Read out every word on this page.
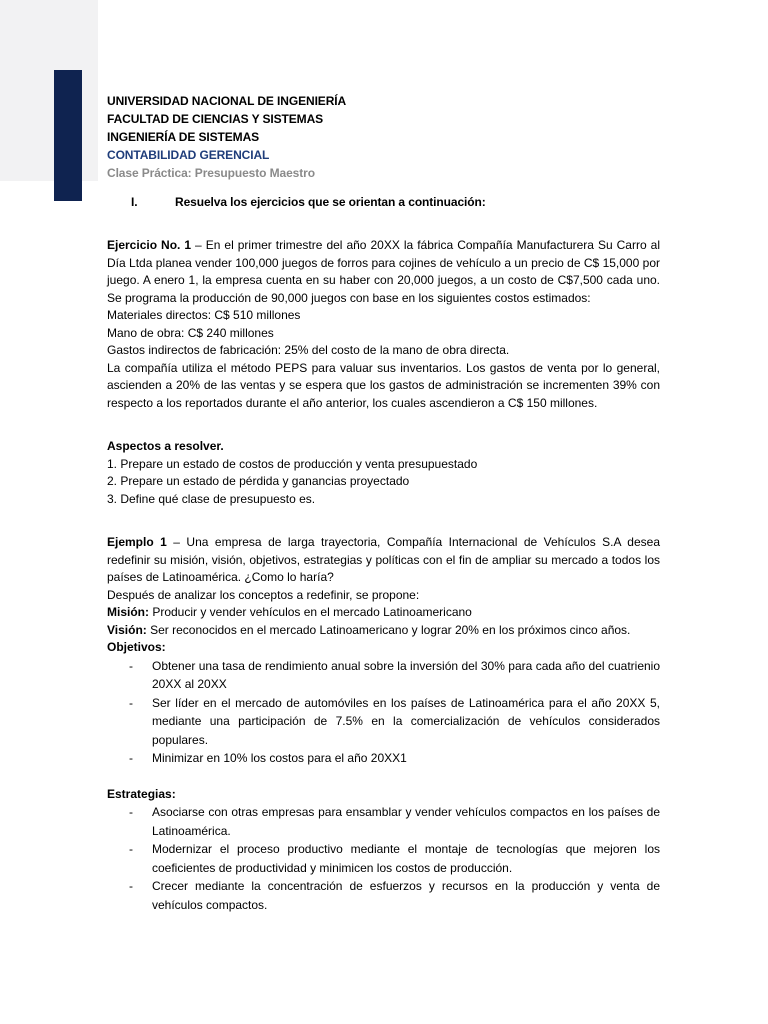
UNIVERSIDAD NACIONAL DE INGENIERÍA
FACULTAD DE CIENCIAS Y SISTEMAS
INGENIERÍA DE SISTEMAS
CONTABILIDAD GERENCIAL
Clase Práctica: Presupuesto Maestro
I.	Resuelva los ejercicios que se orientan a continuación:

Ejercicio No. 1 – En el primer trimestre del año 20XX la fábrica Compañía Manufacturera Su Carro al Día Ltda planea vender 100,000 juegos de forros para cojines de vehículo a un precio de C$ 15,000 por juego. A enero 1, la empresa cuenta en su haber con 20,000 juegos, a un costo de C$7,500 cada uno. Se programa la producción de 90,000 juegos con base en los siguientes costos estimados:

Materiales directos: C$ 510 millones
Mano de obra: C$ 240 millones
Gastos indirectos de fabricación: 25% del costo de la mano de obra directa.

La compañía utiliza el método PEPS para valuar sus inventarios. Los gastos de venta por lo general, ascienden a 20% de las ventas y se espera que los gastos de administración se incrementen 39% con respecto a los reportados durante el año anterior, los cuales ascendieron a C$ 150 millones.

Aspectos a resolver.
1. Prepare un estado de costos de producción y venta presupuestado
2. Prepare un estado de pérdida y ganancias proyectado
3. Define qué clase de presupuesto es.

Ejemplo 1 – Una empresa de larga trayectoria, Compañía Internacional de Vehículos S.A desea redefinir su misión, visión, objetivos, estrategias y políticas con el fin de ampliar su mercado a todos los países de Latinoamérica. ¿Como lo haría?

Después de analizar los conceptos a redefinir, se propone:
Misión: Producir y vender vehículos en el mercado Latinoamericano
Visión: Ser reconocidos en el mercado Latinoamericano y lograr 20% en los próximos cinco años.
Objetivos:
- Obtener una tasa de rendimiento anual sobre la inversión del 30% para cada año del cuatrienio 20XX al 20XX
- Ser líder en el mercado de automóviles en los países de Latinoamérica para el año 20XX 5, mediante una participación de 7.5% en la comercialización de vehículos considerados populares.
- Minimizar en 10% los costos para el año 20XX1
Estrategias:
- Asociarse con otras empresas para ensamblar y vender vehículos compactos en los países de Latinoamérica.
- Modernizar el proceso productivo mediante el montaje de tecnologías que mejoren los coeficientes de productividad y minimicen los costos de producción.
- Crecer mediante la concentración de esfuerzos y recursos en la producción y venta de vehículos compactos.
